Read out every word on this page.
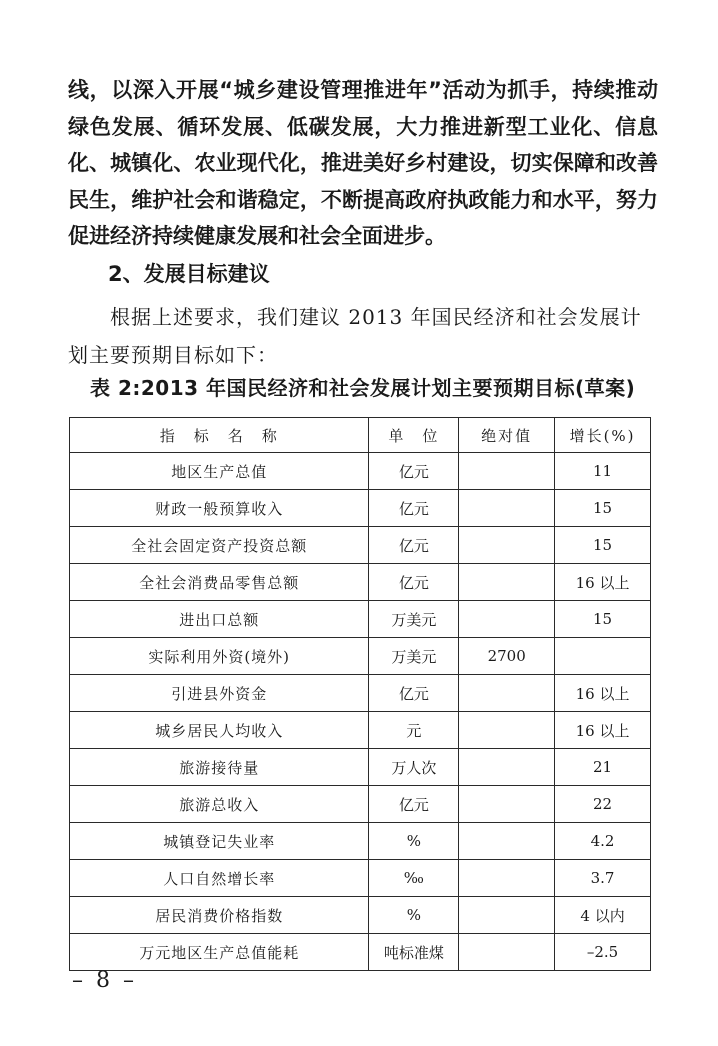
线，以深入开展“城乡建设管理推进年”活动为抓手，持续推动绿色发展、循环发展、低碳发展，大力推进新型工业化、信息化、城镇化、农业现代化，推进美好乡村建设，切实保障和改善民生，维护社会和谐稳定，不断提高政府执政能力和水平，努力促进经济持续健康发展和社会全面进步。
2、发展目标建议
根据上述要求，我们建议 2013 年国民经济和社会发展计划主要预期目标如下：
表 2:2013 年国民经济和社会发展计划主要预期目标(草案)
指　标　名　称	单　位	绝对值	增长(%)
地区生产总值	亿元		11
财政一般预算收入	亿元		15
全社会固定资产投资总额	亿元		15
全社会消费品零售总额	亿元		16 以上
进出口总额	万美元		15
实际利用外资(境外)	万美元	2700	
引进县外资金	亿元		16 以上
城乡居民人均收入	元		16 以上
旅游接待量	万人次		21
旅游总收入	亿元		22
城镇登记失业率	%		4.2
人口自然增长率	‰		3.7
居民消费价格指数	%		4 以内
万元地区生产总值能耗	吨标准煤		–2.5
– 8 –
